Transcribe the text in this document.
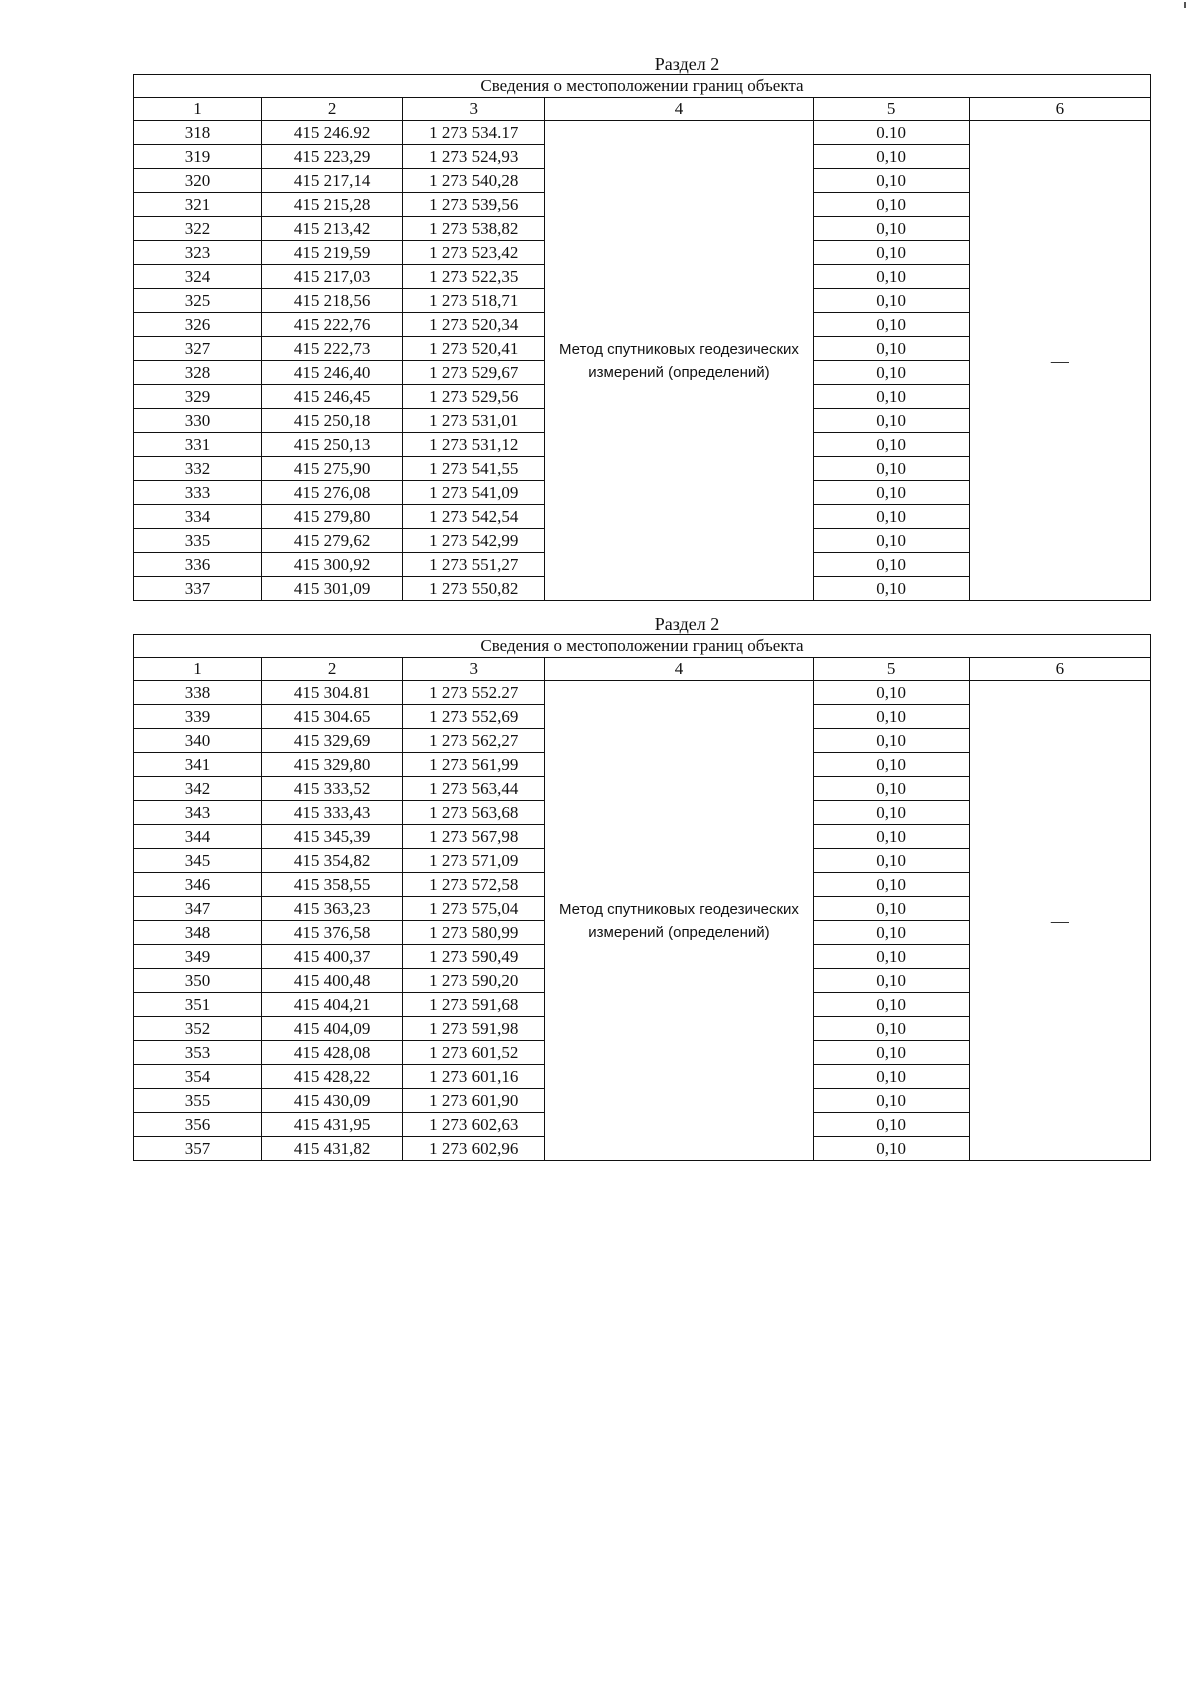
Раздел 2
Сведения о местоположении границ объекта					
1	2	3	4	5	6
318	415 246.92	1 273 534.17	Метод спутниковых геодезических измерений (определений)	0.10	—
319	415 223,29	1 273 524,93		0,10	
320	415 217,14	1 273 540,28		0,10	
321	415 215,28	1 273 539,56		0,10	
322	415 213,42	1 273 538,82		0,10	
323	415 219,59	1 273 523,42		0,10	
324	415 217,03	1 273 522,35		0,10	
325	415 218,56	1 273 518,71		0,10	
326	415 222,76	1 273 520,34		0,10	
327	415 222,73	1 273 520,41		0,10	
328	415 246,40	1 273 529,67		0,10	
329	415 246,45	1 273 529,56		0,10	
330	415 250,18	1 273 531,01		0,10	
331	415 250,13	1 273 531,12		0,10	
332	415 275,90	1 273 541,55		0,10	
333	415 276,08	1 273 541,09		0,10	
334	415 279,80	1 273 542,54		0,10	
335	415 279,62	1 273 542,99		0,10	
336	415 300,92	1 273 551,27		0,10	
337	415 301,09	1 273 550,82		0,10	
Раздел 2
Сведения о местоположении границ объекта					
1	2	3	4	5	6
338	415 304.81	1 273 552.27	Метод спутниковых геодезических измерений (определений)	0,10	—
339	415 304.65	1 273 552,69		0,10	
340	415 329,69	1 273 562,27		0,10	
341	415 329,80	1 273 561,99		0,10	
342	415 333,52	1 273 563,44		0,10	
343	415 333,43	1 273 563,68		0,10	
344	415 345,39	1 273 567,98		0,10	
345	415 354,82	1 273 571,09		0,10	
346	415 358,55	1 273 572,58		0,10	
347	415 363,23	1 273 575,04		0,10	
348	415 376,58	1 273 580,99		0,10	
349	415 400,37	1 273 590,49		0,10	
350	415 400,48	1 273 590,20		0,10	
351	415 404,21	1 273 591,68		0,10	
352	415 404,09	1 273 591,98		0,10	
353	415 428,08	1 273 601,52		0,10	
354	415 428,22	1 273 601,16		0,10	
355	415 430,09	1 273 601,90		0,10	
356	415 431,95	1 273 602,63		0,10	
357	415 431,82	1 273 602,96		0,10	
